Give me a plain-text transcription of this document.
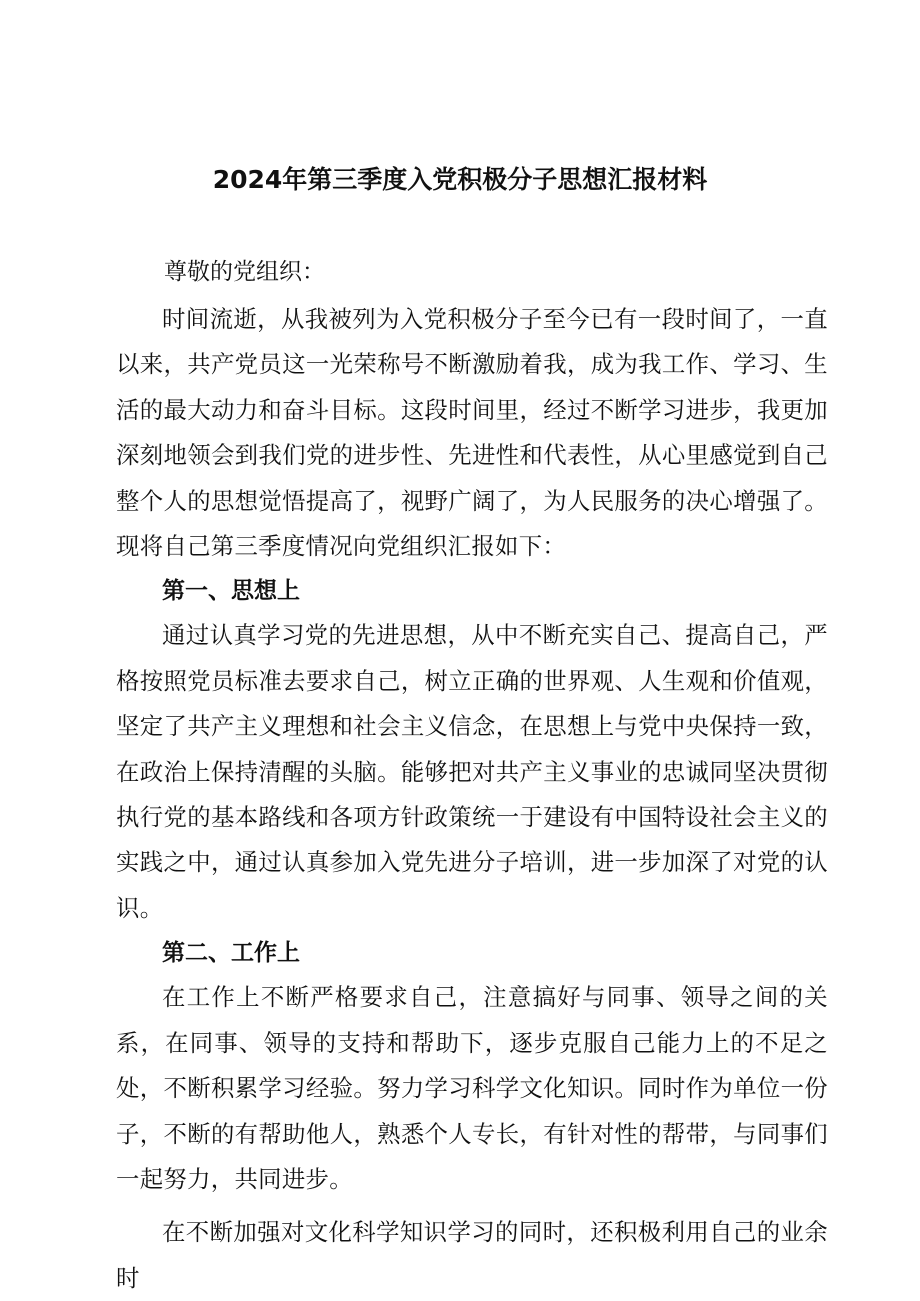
2024年第三季度入党积极分子思想汇报材料

尊敬的党组织：

时间流逝，从我被列为入党积极分子至今已有一段时间了，一直以来，共产党员这一光荣称号不断激励着我，成为我工作、学习、生活的最大动力和奋斗目标。这段时间里，经过不断学习进步，我更加深刻地领会到我们党的进步性、先进性和代表性，从心里感觉到自己整个人的思想觉悟提高了，视野广阔了，为人民服务的决心增强了。现将自己第三季度情况向党组织汇报如下：

第一、思想上

通过认真学习党的先进思想，从中不断充实自己、提高自己，严格按照党员标准去要求自己，树立正确的世界观、人生观和价值观，坚定了共产主义理想和社会主义信念，在思想上与党中央保持一致，在政治上保持清醒的头脑。能够把对共产主义事业的忠诚同坚决贯彻执行党的基本路线和各项方针政策统一于建设有中国特设社会主义的实践之中，通过认真参加入党先进分子培训，进一步加深了对党的认识。

第二、工作上

在工作上不断严格要求自己，注意搞好与同事、领导之间的关系，在同事、领导的支持和帮助下，逐步克服自己能力上的不足之处，不断积累学习经验。努力学习科学文化知识。同时作为单位一份子，不断的有帮助他人，熟悉个人专长，有针对性的帮带，与同事们一起努力，共同进步。

在不断加强对文化科学知识学习的同时，还积极利用自己的业余时
